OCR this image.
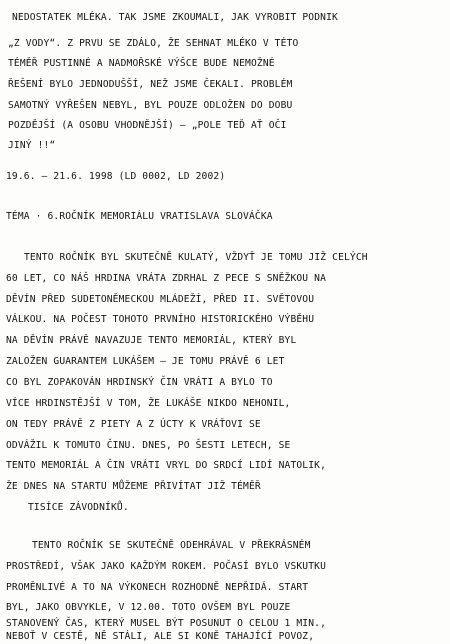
NEDOSTATEK MLÉKA. TAK JSME ZKOUMALI, JAK VYROBIT PODNIK
„Z VODY“. Z PRVU SE ZDÁLO, ŽE SEHNAT MLÉKO V TÉTO
TÉMĚŘ PUSTINNÉ A NADMOŘSKÉ VÝŠCE BUDE NEMOŽNÉ
ŘEŠENÍ BYLO JEDNODUŠŠÍ, NEŽ JSME ČEKALI. PROBLÉM
SAMOTNÝ VYŘEŠEN NEBYL, BYL POUZE ODLOŽEN DO DOBU
POZDĚJŠÍ (A OSOBU VHODNĚJŠÍ) — „POLE TEĎ AŤ OČI
JINÝ !!“
19.6. – 21.6. 1998 (LD 0002, LD 2002)
TÉMA · 6.ROČNÍK MEMORIÁLU VRATISLAVA SLOVÁČKA
TENTO ROČNÍK BYL SKUTEČNĚ KULATÝ, VŽDYŤ JE TOMU JIŽ CELÝCH
60 LET, CO NÁŠ HRDINA VRÁTA ZDRHAL Z PECE S SNĚŽKOU NA
DĚVÍN PŘED SUDETONĚMECKOU MLÁDEŽÍ, PŘED II. SVĚTOVOU
VÁLKOU. NA POČEST TOHOTO PRVNÍHO HISTORICKÉHO VÝBĚHU
NA DĚVÍN PRÁVĚ NAVAZUJE TENTO MEMORIÁL, KTERÝ BYL
ZALOŽEN GUARANTEM LUKÁŠEM – JE TOMU PRÁVĚ 6 LET
CO BYL ZOPAKOVÁN HRDINSKÝ ČIN VRÁTI A BYLO TO
VÍCE HRDINSTĚJŠÍ V TOM, ŽE LUKÁŠE NIKDO NEHONIL,
ON TEDY PRÁVĚ Z PIETY A Z ÚCTY K VRÁŤOVI SE
ODVÁŽIL K TOMUTO ČINU. DNES, PO ŠESTI LETECH, SE
TENTO MEMORIÁL A ČIN VRÁTI VRYL DO SRDCÍ LIDÍ NATOLIK,
ŽE DNES NA STARTU MŮŽEME PŘIVÍTAT JIŽ TÉMĚŘ
TISÍCE ZÁVODNÍKŮ.
TENTO ROČNÍK SE SKUTEČNĚ ODEHRÁVAL V PŘEKRÁSNÉM
PROSTŘEDÍ, VŠAK JAKO KAŽDÝM ROKEM. POČASÍ BYLO VSKUTKU
PROMĚNLIVÉ A TO NA VÝKONECH ROZHODNĚ NEPŘIDÁ. START
BYL, JAKO OBVYKLE, V 12.00. TOTO OVŠEM BYL POUZE
STANOVENÝ ČAS, KTERÝ MUSEL BÝT POSUNUT O CELOU 1 MIN.,
NEBOŤ V CESTĚ, NĚ STÁLI, ALE SI KONĚ TAHAJÍCÍ POVOZ,
